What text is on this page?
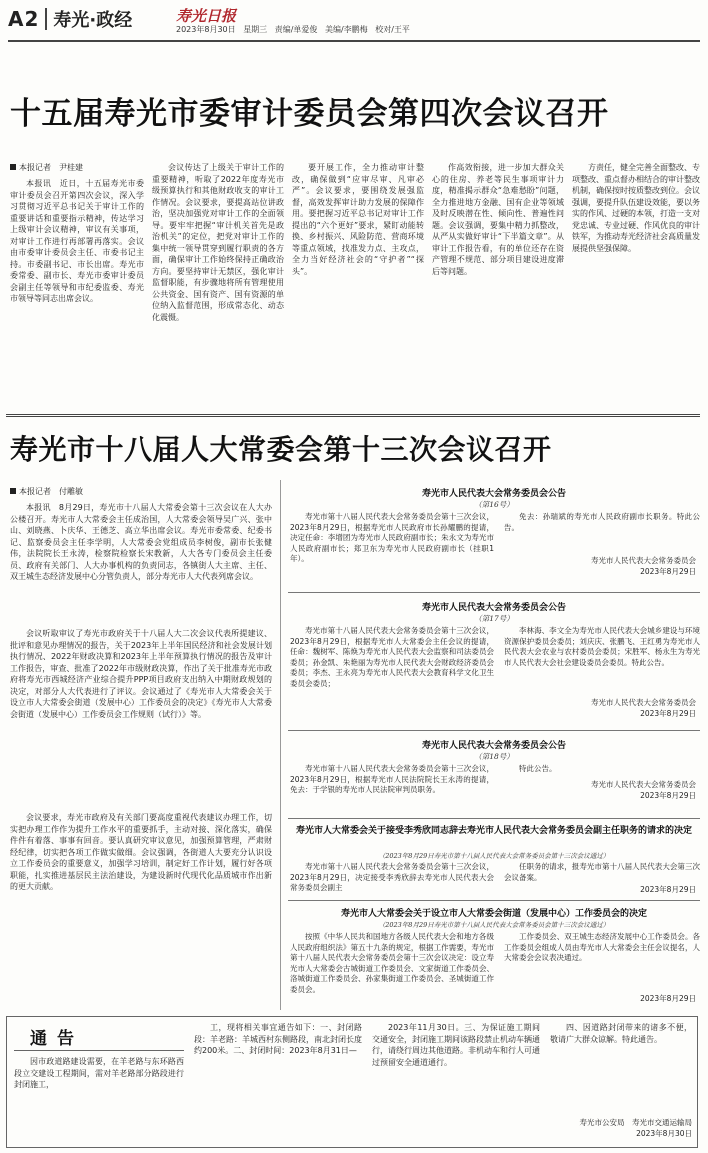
A2 寿光·政经	寿光日报
2023年8月30日 星期三 责编/单爱俊 美编/李鹏梅 校对/王平
十五届寿光市委审计委员会第四次会议召开
本报记者　尹桂建

本报讯　近日，十五届寿光市委审计委员会召开第四次会议，深入学习贯彻习近平总书记关于审计工作的重要讲话和重要指示精神，传达学习上级审计会议精神，审议有关事项，对审计工作进行再部署再落实。会议由市委审计委员会主任、市委书记主持。市委副书记、市长出席。寿光市委常委、副市长、寿光市委审计委员会副主任等领导和市纪委监委、寿光市领导等同志出席会议。

会议传达了上级关于审计工作的重要精神，听取了2022年度寿光市级预算执行和其他财政收支的审计工作情况。会议要求，要提高站位讲政治，坚决加强党对审计工作的全面领导。要牢牢把握“审计机关首先是政治机关”的定位，把党对审计工作的集中统一领导贯穿到履行职责的各方面，确保审计工作始终保持正确政治方向。要坚持审计无禁区，强化审计监督职能，有步骤地将所有管理使用公共资金、国有资产、国有资源的单位纳入监督范围，形成常态化、动态化震慑。

要开展工作，全力推动审计整改，确保做到“应审尽审、凡审必严”。会议要求，要围绕发展强监督，高效发挥审计助力发展的保障作用。要把握习近平总书记对审计工作提出的“六个更好”要求，紧盯动能转换、乡村振兴、风险防范、营商环境等重点领域，找准发力点、主攻点，全力当好经济社会的“守护者”“探头”。

作高效衔接，进一步加大群众关心的住房、养老等民生事项审计力度，精准揭示群众“急难愁盼”问题，全力推进地方金融、国有企业等领域及时反映潜在性、倾向性、普遍性问题。会议强调，要集中精力抓整改，从严从实做好审计“下半篇文章”。从审计工作报告看，有的单位还存在资产管理不规范、部分项目建设进度滞后等问题。

方责任，健全完善全面整改、专项整改、重点督办相结合的审计整改机制，确保按时按质整改到位。会议强调，要提升队伍建设效能，要以务实的作风、过硬的本领，打造一支对党忠诚、专业过硬、作风优良的审计铁军，为推动寿光经济社会高质量发展提供坚强保障。

寿光市十八届人大常委会第十三次会议召开
本报记者　付雕敏

本报讯　8月29日，寿光市十八届人大常委会第十三次会议在人大办公楼召开。寿光市人大常委会主任成治国，人大常委会领导吴广兴、张中山、刘晓燕、卜庆华、王德芝、高立华出席会议。寿光市委常委、纪委书记、监察委员会主任李学明，人大常委会党组成员李树俊，副市长张健伟，法院院长王永涛，检察院检察长宋教新，人大各专门委员会主任委员、政府有关部门、人大办事机构的负责同志，各镇街人大主席、主任、双王城生态经济发展中心分管负责人，部分寿光市人大代表列席会议。

会议听取审议了寿光市政府关于十八届人大二次会议代表所提建议、批评和意见办理情况的报告，关于2023年上半年国民经济和社会发展计划执行情况、2022年财政决算和2023年上半年预算执行情况的报告及审计工作报告，审查、批准了2022年市级财政决算，作出了关于批准寿光市政府将寿光市西城经济产业综合提升PPP项目政府支出纳入中期财政规划的决定，对部分人大代表进行了评议。会议通过了《寿光市人大常委会关于设立市人大常委会街道（发展中心）工作委员会的决定》《寿光市人大常委会街道（发展中心）工作委员会工作规则（试行）》等。

会议要求，寿光市政府及有关部门要高度重视代表建议办理工作，切实把办理工作作为提升工作水平的重要抓手，主动对接、深化落实，确保件件有着落、事事有回音。要认真研究审议意见，加强预算管理，严肃财经纪律，切实把各项工作做实做细。会议强调，各街道人大要充分认识设立工作委员会的重要意义，加强学习培训，制定好工作计划，履行好各项职能，扎实推进基层民主法治建设，为建设新时代现代化品质城市作出新的更大贡献。

寿光市人民代表大会常务委员会公告
（第16号）

寿光市第十八届人民代表大会常务委员会第十三次会议，2023年8月29日，根据寿光市人民政府市长孙耀鹏的提请，决定任命：李增团为寿光市人民政府副市长；朱永文为寿光市人民政府副市长；郑卫东为寿光市人民政府副市长（挂职1年）。

免去：孙瑞斌的寿光市人民政府副市长职务。特此公告。

寿光市人民代表大会常务委员会
2023年8月29日
寿光市人民代表大会常务委员会公告
（第17号）

寿光市第十八届人民代表大会常务委员会第十三次会议，2023年8月29日，根据寿光市人大常委会主任会议的提请，任命：魏树军、陈焕为寿光市人民代表大会监察和司法委员会委员；孙金凯、朱艳丽为寿光市人民代表大会财政经济委员会委员；李杰、王永亮为寿光市人民代表大会教育科学文化卫生委员会委员；

李林海、李文全为寿光市人民代表大会城乡建设与环境资源保护委员会委员；刘庆庆、张鹏飞、王红勇为寿光市人民代表大会农业与农村委员会委员；宋胜军、杨永生为寿光市人民代表大会社会建设委员会委员。特此公告。

寿光市人民代表大会常务委员会
2023年8月29日
寿光市人民代表大会常务委员会公告
（第18号）

寿光市第十八届人民代表大会常务委员会第十三次会议，2023年8月29日，根据寿光市人民法院院长王永涛的提请，免去：于学银的寿光市人民法院审判员职务。

特此公告。

寿光市人民代表大会常务委员会
2023年8月29日
寿光市人大常委会关于接受李秀欣同志辞去寿光市人民代表大会常务委员会副主任职务的请求的决定
（2023年8月29日寿光市第十八届人民代表大会常务委员会第十三次会议通过）

寿光市第十八届人民代表大会常务委员会第十三次会议，2023年8月29日，决定接受李秀欣辞去寿光市人民代表大会常务委员会副主

任职务的请求，报寿光市第十八届人民代表大会第三次会议备案。

2023年8月29日
寿光市人大常委会关于设立市人大常委会街道（发展中心）工作委员会的决定
（2023年8月29日寿光市第十八届人民代表大会常务委员会第十三次会议通过）

按照《中华人民共和国地方各级人民代表大会和地方各级人民政府组织法》第五十九条的规定，根据工作需要，寿光市第十八届人民代表大会常务委员会第十三次会议决定：设立寿光市人大常委会古城街道工作委员会、文家街道工作委员会、洛城街道工作委员会、孙家集街道工作委员会、圣城街道工作委员会。

工作委员会、双王城生态经济发展中心工作委员会。各工作委员会组成人员由寿光市人大常委会主任会议提名，人大常委会会议表决通过。

2023年8月29日
通告

因市政道路建设需要，在羊老路与东环路西段立交建设工程期间，需对羊老路部分路段进行封闭施工，

工，现将相关事宜通告如下：一、封闭路段：羊老路：羊城西村东侧路段，南北封闭长度约200米。二、封闭时间：2023年8月31日—

2023年11月30日。三、为保证施工期间交通安全，封闭施工期间该路段禁止机动车辆通行，请绕行周边其他道路。非机动车和行人可通过预留安全通道通行。

四、因道路封闭带来的诸多不便，敬请广大群众谅解。特此通告。

寿光市公安局　寿光市交通运输局
2023年8月30日
